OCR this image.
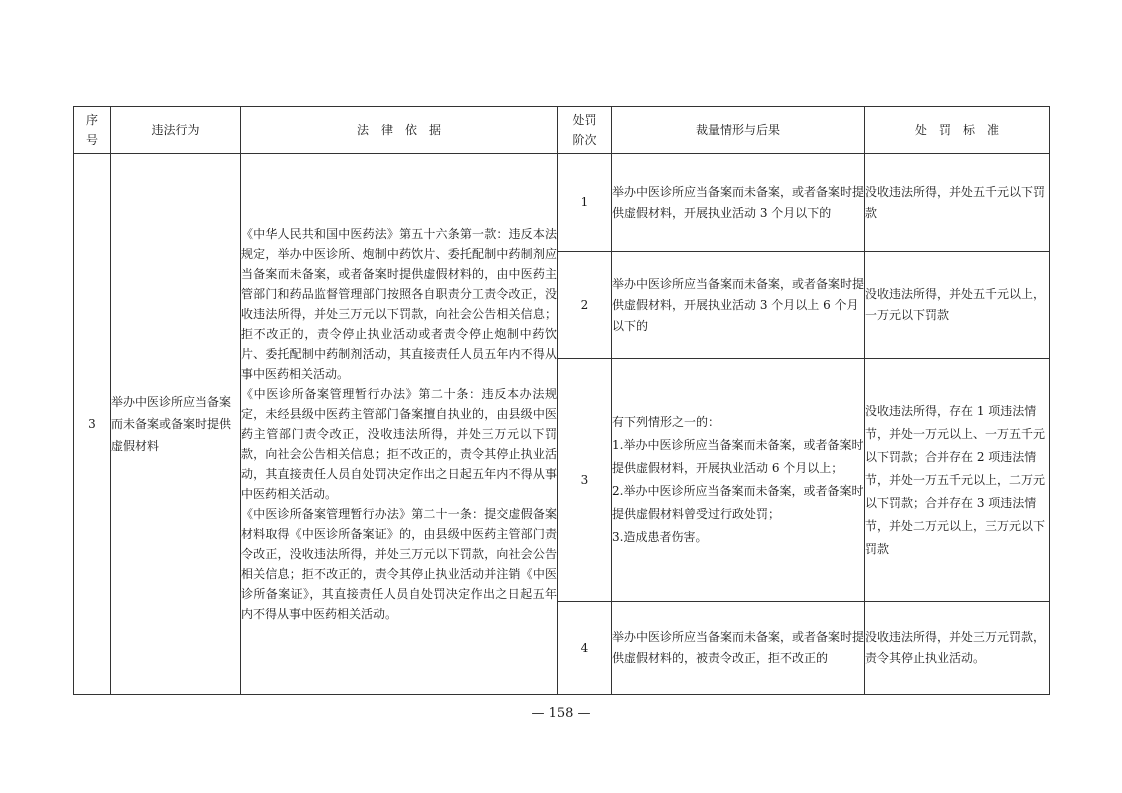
序号	违法行为	法　律　依　据	处罚阶次	裁量情形与后果	处　罚　标　准
3	举办中医诊所应当备案而未备案或备案时提供虚假材料	《中华人民共和国中医药法》第五十六条第一款：违反本法规定，举办中医诊所、炮制中药饮片、委托配制中药制剂应当备案而未备案，或者备案时提供虚假材料的，由中医药主管部门和药品监督管理部门按照各自职责分工责令改正，没收违法所得，并处三万元以下罚款，向社会公告相关信息；拒不改正的，责令停止执业活动或者责令停止炮制中药饮片、委托配制中药制剂活动，其直接责任人员五年内不得从事中医药相关活动。
《中医诊所备案管理暂行办法》第二十条：违反本办法规定，未经县级中医药主管部门备案擅自执业的，由县级中医药主管部门责令改正，没收违法所得，并处三万元以下罚款，向社会公告相关信息；拒不改正的，责令其停止执业活动，其直接责任人员自处罚决定作出之日起五年内不得从事中医药相关活动。
《中医诊所备案管理暂行办法》第二十一条：提交虚假备案材料取得《中医诊所备案证》的，由县级中医药主管部门责令改正，没收违法所得，并处三万元以下罚款，向社会公告相关信息；拒不改正的，责令其停止执业活动并注销《中医诊所备案证》，其直接责任人员自处罚决定作出之日起五年内不得从事中医药相关活动。	1	举办中医诊所应当备案而未备案，或者备案时提供虚假材料，开展执业活动 3 个月以下的	没收违法所得，并处五千元以下罚款
			2	举办中医诊所应当备案而未备案，或者备案时提供虚假材料，开展执业活动 3 个月以上 6 个月以下的	没收违法所得，并处五千元以上，一万元以下罚款
			3	有下列情形之一的：
1.举办中医诊所应当备案而未备案，或者备案时提供虚假材料，开展执业活动 6 个月以上；
2.举办中医诊所应当备案而未备案，或者备案时提供虚假材料曾受过行政处罚；
3.造成患者伤害。	没收违法所得，存在 1 项违法情节，并处一万元以上、一万五千元以下罚款；合并存在 2 项违法情节，并处一万五千元以上，二万元以下罚款；合并存在 3 项违法情节，并处二万元以上，三万元以下罚款
			4	举办中医诊所应当备案而未备案，或者备案时提供虚假材料的，被责令改正，拒不改正的	没收违法所得，并处三万元罚款，责令其停止执业活动。
— 158 —
